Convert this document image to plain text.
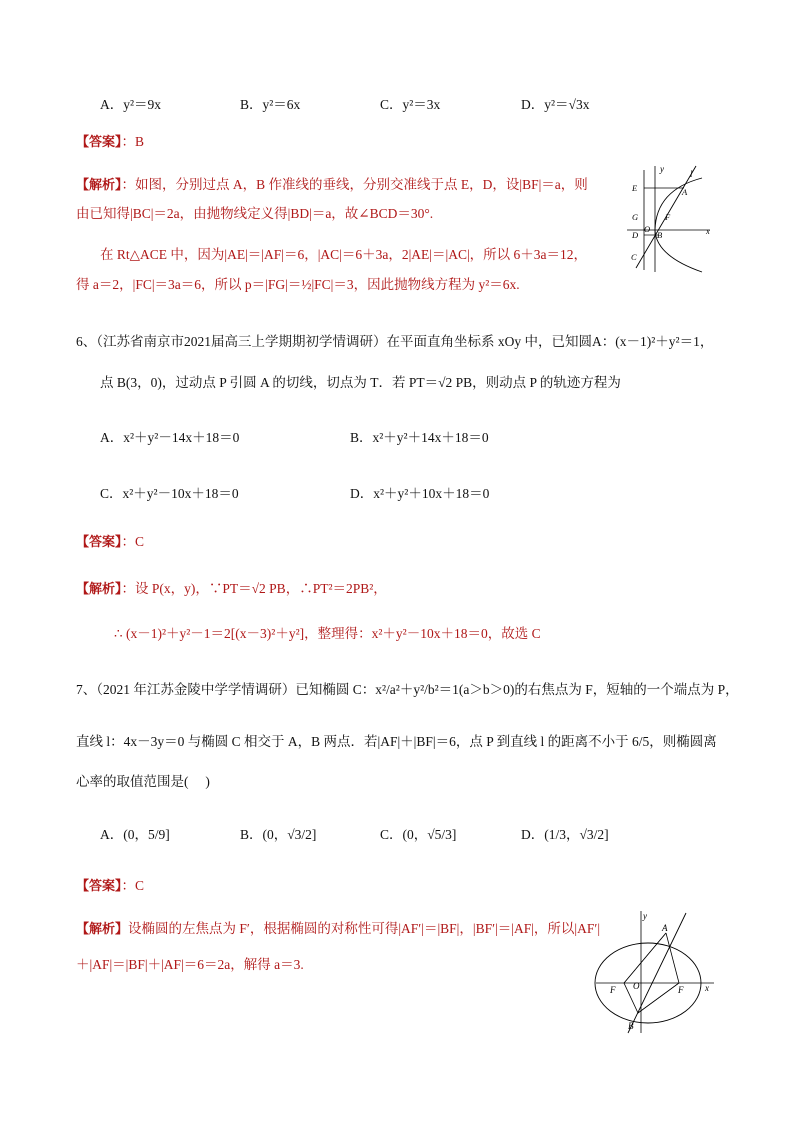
A．y²＝9x	B．y²＝6x	C．y²＝3x	D．y²＝√3x
【答案】：B
【解析】：如图，分别过点 A，B 作准线的垂线，分别交准线于点 E，D，设|BF|＝a，则
由已知得|BC|＝2a，由抛物线定义得|BD|＝a，故∠BCD＝30°.
在 Rt△ACE 中，因为|AE|＝|AF|＝6，|AC|＝6＋3a，2|AE|＝|AC|，所以 6＋3a＝12，
得 a＝2，|FC|＝3a＝6，所以 p＝|FG|＝½|FC|＝3，因此抛物线方程为 y²＝6x.
y	l
E	A
G	F
D
O
B
C
x
6、（江苏省南京市2021届高三上学期期初学情调研）在平面直角坐标系 xOy 中，已知圆A：(x－1)²＋y²＝1，
点 B(3，0)，过动点 P 引圆 A 的切线，切点为 T．若 PT＝√2 PB，则动点 P 的轨迹方程为
A．x²＋y²－14x＋18＝0	B．x²＋y²＋14x＋18＝0
C．x²＋y²－10x＋18＝0	D．x²＋y²＋10x＋18＝0
【答案】：C
【解析】：设 P(x，y)，∵PT＝√2 PB，∴PT²＝2PB²，
∴ (x－1)²＋y²－1＝2[(x－3)²＋y²]，整理得：x²＋y²－10x＋18＝0，故选 C
7、（2021 年江苏金陵中学学情调研）已知椭圆 C：x²/a²＋y²/b²＝1(a＞b＞0)的右焦点为 F，短轴的一个端点为 P，
直线 l：4x－3y＝0 与椭圆 C 相交于 A，B 两点．若|AF|＋|BF|＝6，点 P 到直线 l 的距离不小于 6/5，则椭圆离
心率的取值范围是(　 )
A．(0，5/9]	B．(0，√3/2]	C．(0，√5/3]	D．(1/3，√3/2]
【答案】：C
【解析】设椭圆的左焦点为 F′，根据椭圆的对称性可得|AF′|＝|BF|，|BF′|＝|AF|，所以|AF′|
＋|AF|＝|BF|＋|AF|＝6＝2a，解得 a＝3.
y
A
F O	F x
B
